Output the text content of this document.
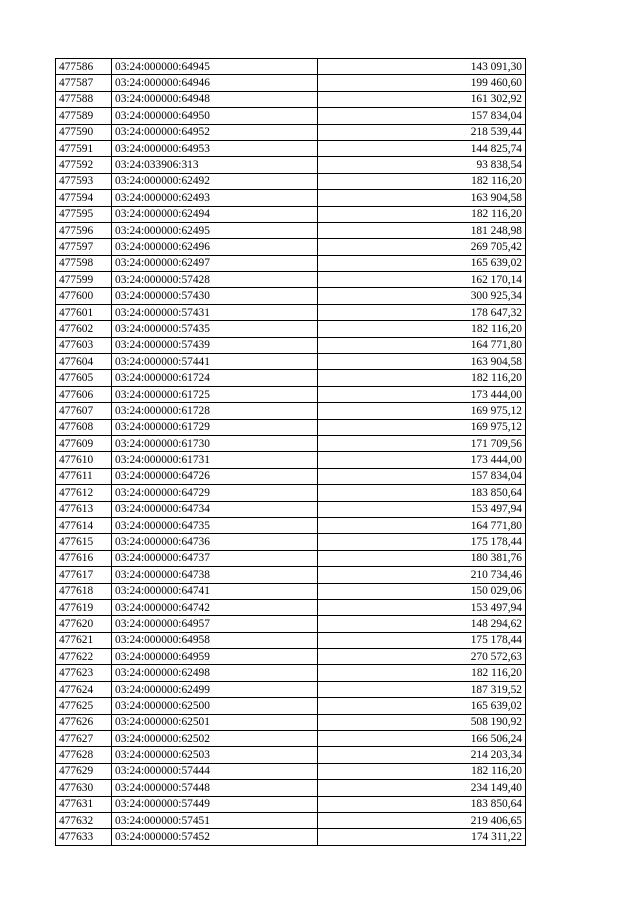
477586	03:24:000000:64945	143 091,30
477587	03:24:000000:64946	199 460,60
477588	03:24:000000:64948	161 302,92
477589	03:24:000000:64950	157 834,04
477590	03:24:000000:64952	218 539,44
477591	03:24:000000:64953	144 825,74
477592	03:24:033906:313	93 838,54
477593	03:24:000000:62492	182 116,20
477594	03:24:000000:62493	163 904,58
477595	03:24:000000:62494	182 116,20
477596	03:24:000000:62495	181 248,98
477597	03:24:000000:62496	269 705,42
477598	03:24:000000:62497	165 639,02
477599	03:24:000000:57428	162 170,14
477600	03:24:000000:57430	300 925,34
477601	03:24:000000:57431	178 647,32
477602	03:24:000000:57435	182 116,20
477603	03:24:000000:57439	164 771,80
477604	03:24:000000:57441	163 904,58
477605	03:24:000000:61724	182 116,20
477606	03:24:000000:61725	173 444,00
477607	03:24:000000:61728	169 975,12
477608	03:24:000000:61729	169 975,12
477609	03:24:000000:61730	171 709,56
477610	03:24:000000:61731	173 444,00
477611	03:24:000000:64726	157 834,04
477612	03:24:000000:64729	183 850,64
477613	03:24:000000:64734	153 497,94
477614	03:24:000000:64735	164 771,80
477615	03:24:000000:64736	175 178,44
477616	03:24:000000:64737	180 381,76
477617	03:24:000000:64738	210 734,46
477618	03:24:000000:64741	150 029,06
477619	03:24:000000:64742	153 497,94
477620	03:24:000000:64957	148 294,62
477621	03:24:000000:64958	175 178,44
477622	03:24:000000:64959	270 572,63
477623	03:24:000000:62498	182 116,20
477624	03:24:000000:62499	187 319,52
477625	03:24:000000:62500	165 639,02
477626	03:24:000000:62501	508 190,92
477627	03:24:000000:62502	166 506,24
477628	03:24:000000:62503	214 203,34
477629	03:24:000000:57444	182 116,20
477630	03:24:000000:57448	234 149,40
477631	03:24:000000:57449	183 850,64
477632	03:24:000000:57451	219 406,65
477633	03:24:000000:57452	174 311,22
